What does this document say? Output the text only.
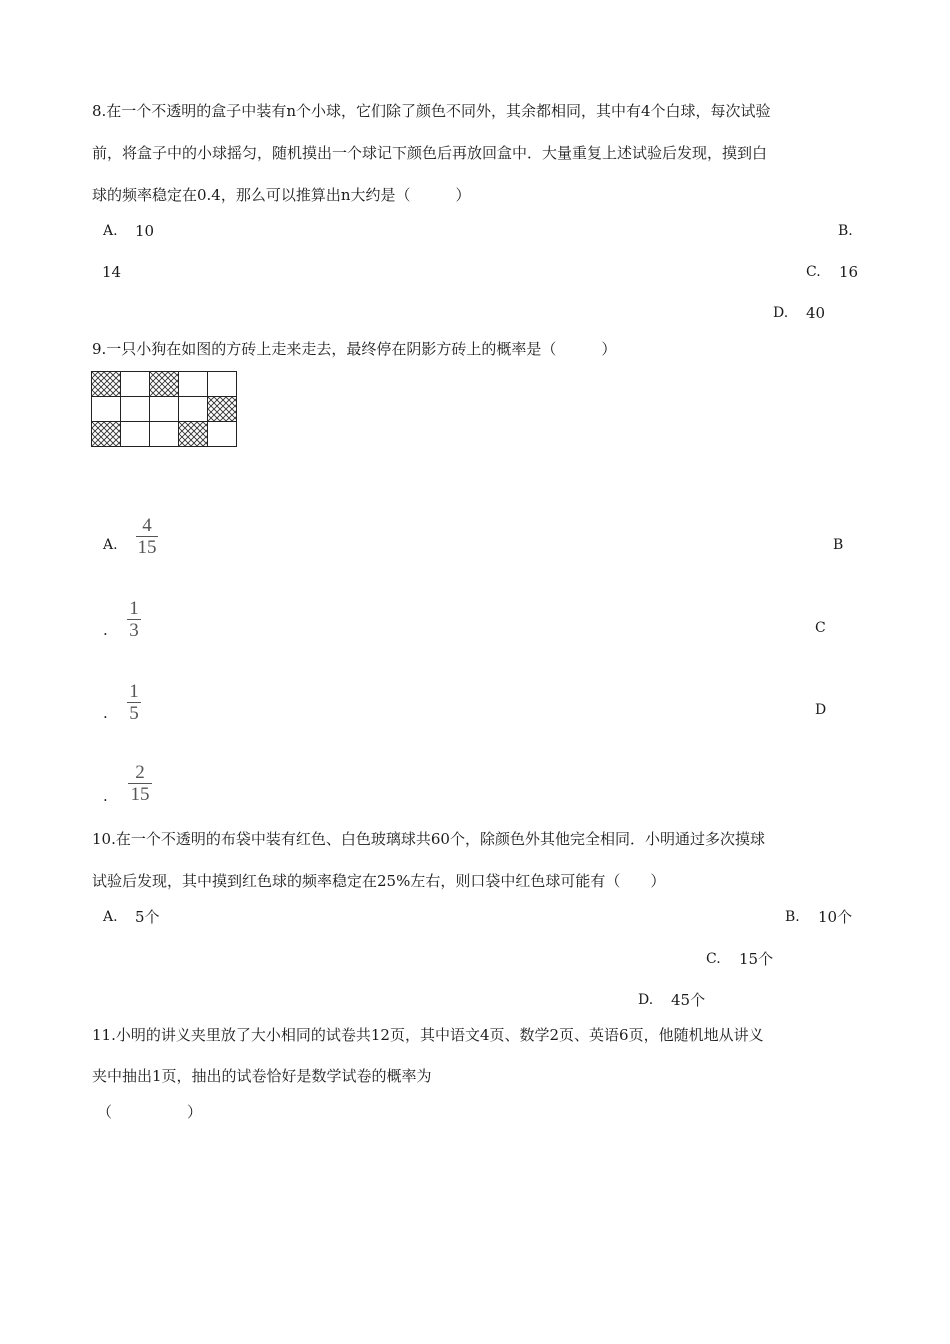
8.在一个不透明的盒子中装有n个小球，它们除了颜色不同外，其余都相同，其中有4个白球，每次试验
前，将盒子中的小球摇匀，随机摸出一个球记下颜色后再放回盒中．大量重复上述试验后发现，摸到白
球的频率稳定在0.4，那么可以推算出n大约是（　　　）
A. 10	B.
14	C. 16
D. 40
9.一只小狗在如图的方砖上走来走去，最终停在阴影方砖上的概率是（　　　）

A.
4
15	B
.
1
3	C
.
1
5	D
.
2
15
10.在一个不透明的布袋中装有红色、白色玻璃球共60个，除颜色外其他完全相同．小明通过多次摸球
试验后发现，其中摸到红色球的频率稳定在25%左右，则口袋中红色球可能有（　　）
A. 5个	B. 10个
C. 15个
D. 45个
11.小明的讲义夹里放了大小相同的试卷共12页，其中语文4页、数学2页、英语6页，他随机地从讲义
夹中抽出1页，抽出的试卷恰好是数学试卷的概率为
（　　　　　）
